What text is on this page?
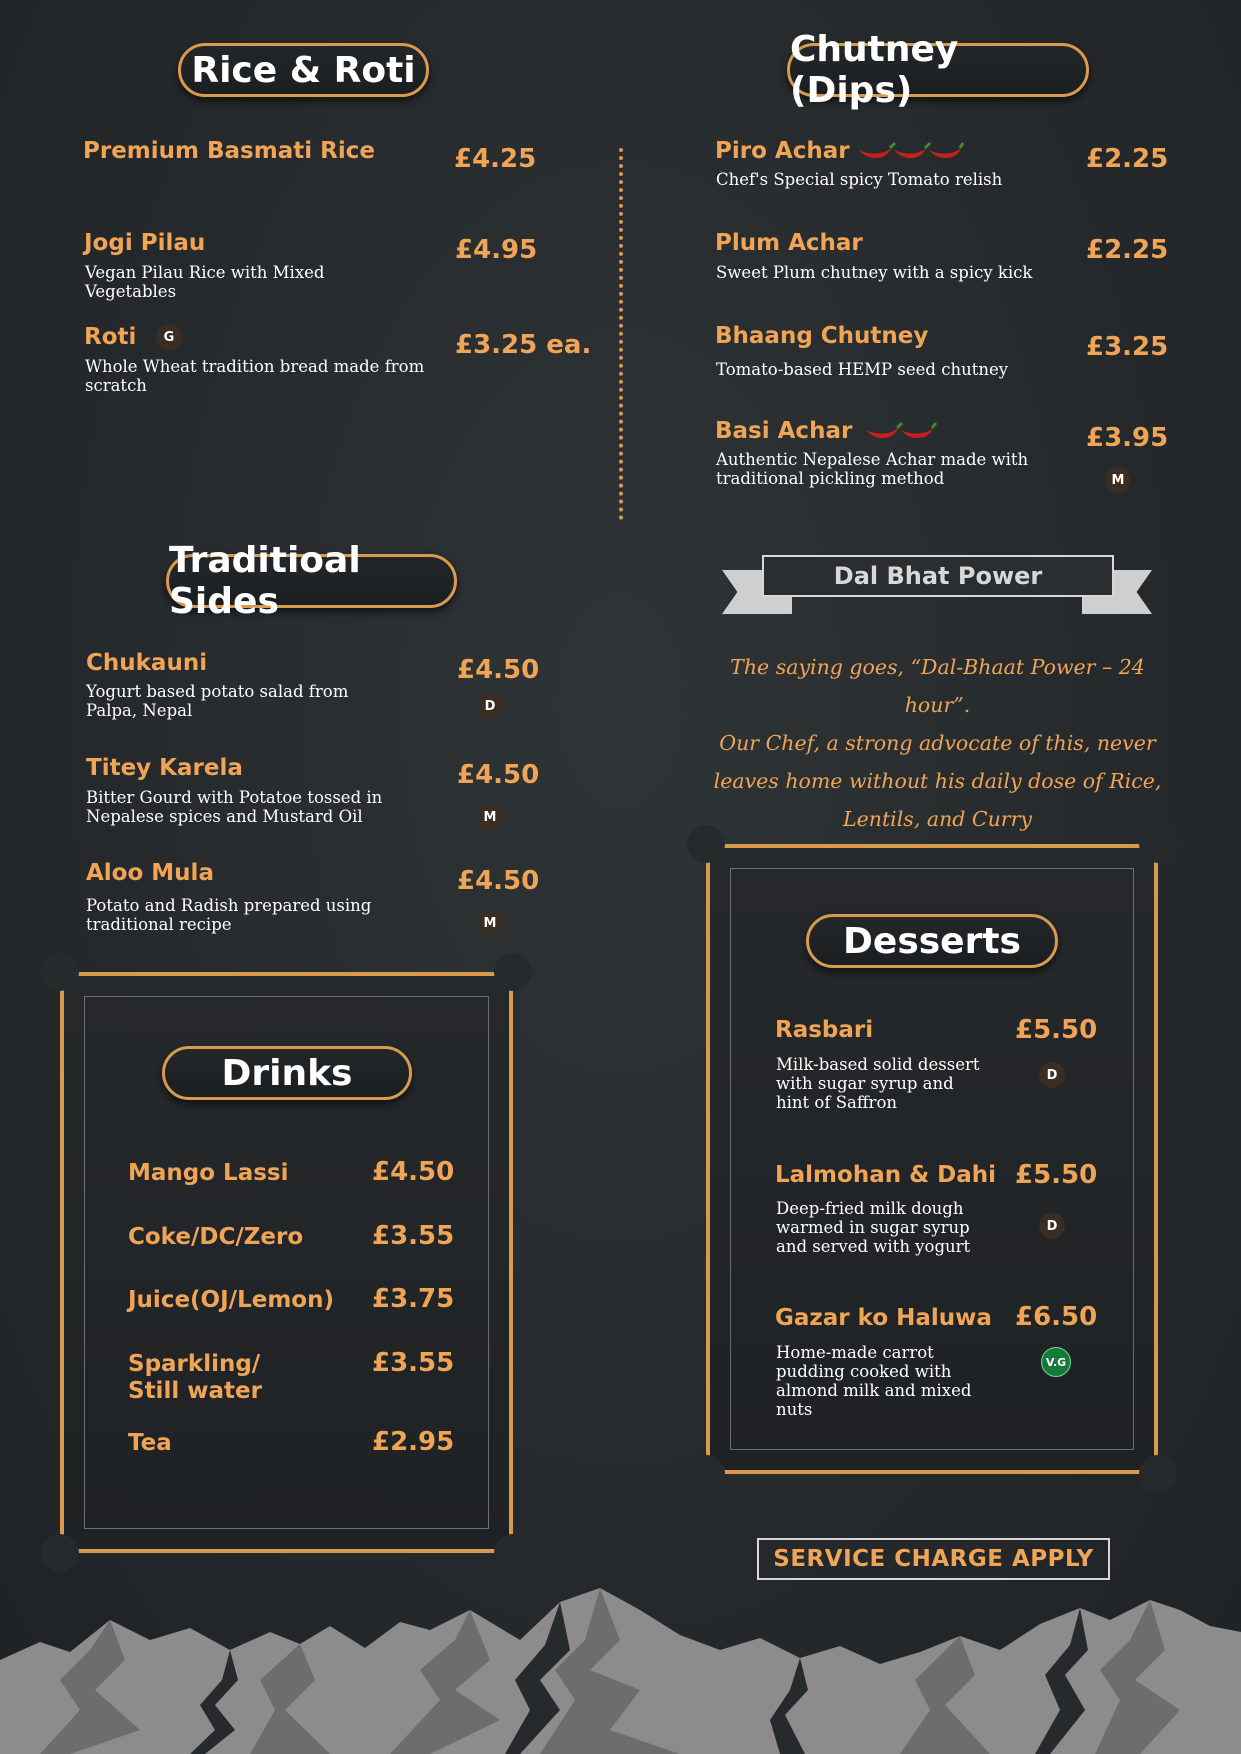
Rice & Roti
Premium Basmati Rice	£4.25
Jogi Pilau
Vegan Pilau Rice with Mixed Vegetables
£4.95
Roti	G
Whole Wheat tradition bread made from scratch
£3.25 ea.
Chutney (Dips)
Piro Achar
Chef's Special spicy Tomato relish
£2.25
Plum Achar
Sweet Plum chutney with a spicy kick
£2.25
Bhaang Chutney
Tomato-based HEMP seed chutney
£3.25
Basi Achar
Authentic Nepalese Achar made with traditional pickling method
£3.95
M
Traditioal Sides
Chukauni
Yogurt based potato salad from Palpa, Nepal
£4.50
D
Titey Karela
Bitter Gourd with Potatoe tossed in Nepalese spices and Mustard Oil
£4.50
M
Aloo Mula
Potato and Radish prepared using traditional recipe
£4.50
M
Dal Bhat Power
The saying goes, “Dal-Bhaat Power – 24 hour”.
Our Chef, a strong advocate of this, never
leaves home without his daily dose of Rice,
Lentils, and Curry
Drinks
Mango Lassi	£4.50
Coke/DC/Zero	£3.55
Juice(OJ/Lemon) £3.75
Sparkling/
Still water
£3.55
Tea	£2.95
Desserts
Rasbari
Milk-based solid dessert with sugar syrup and hint of Saffron
£5.50
D
Lalmohan & Dahi
Deep-fried milk dough warmed in sugar syrup and served with yogurt
£5.50
D
Gazar ko Haluwa
Home-made carrot pudding cooked with almond milk and mixed nuts
£6.50
V.G
SERVICE CHARGE APPLY
